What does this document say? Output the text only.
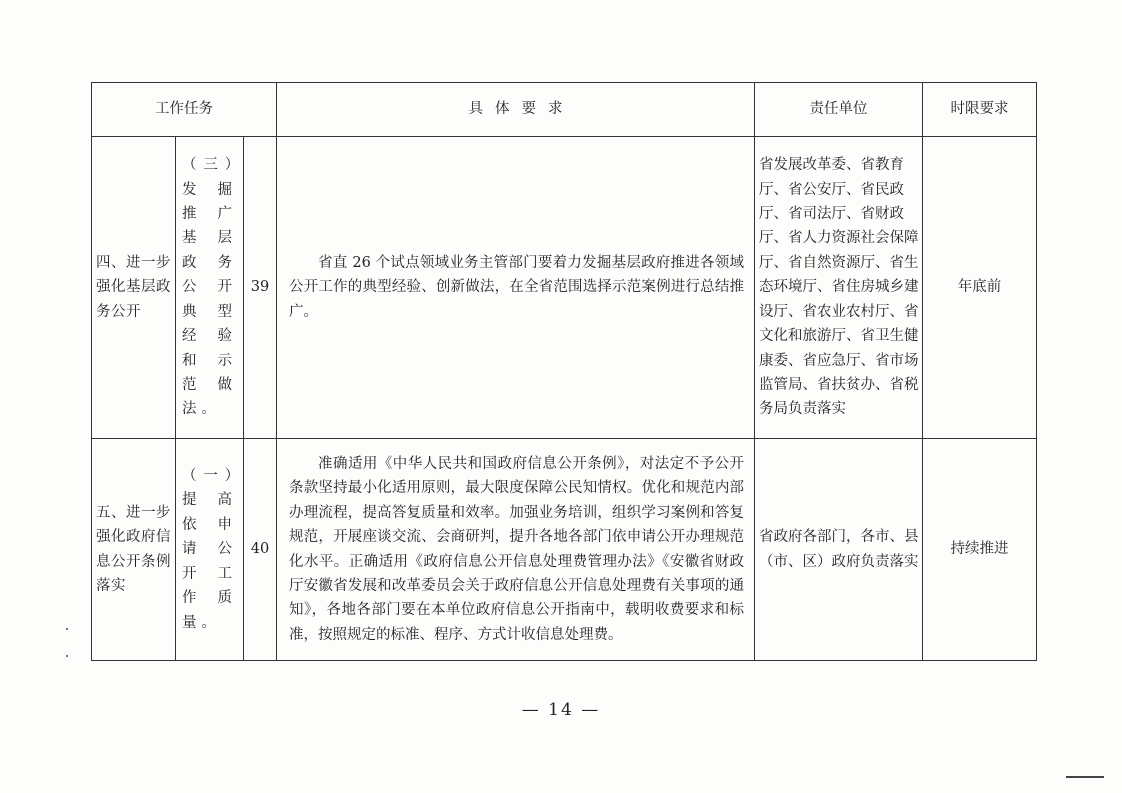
工作任务			具体要求	责任单位	时限要求
四、进一步强化基层政务公开	（三）发掘推广基层政务公开典型经验和示范做法。	39	省直 26 个试点领域业务主管部门要着力发掘基层政府推进各领域公开工作的典型经验、创新做法，在全省范围选择示范案例进行总结推广。	省发展改革委、省教育厅、省公安厅、省民政厅、省司法厅、省财政厅、省人力资源社会保障厅、省自然资源厅、省生态环境厅、省住房城乡建设厅、省农业农村厅、省文化和旅游厅、省卫生健康委、省应急厅、省市场监管局、省扶贫办、省税务局负责落实	年底前
五、进一步强化政府信息公开条例落实	（一）提高依申请公开工作质量。	40	准确适用《中华人民共和国政府信息公开条例》，对法定不予公开条款坚持最小化适用原则，最大限度保障公民知情权。优化和规范内部办理流程，提高答复质量和效率。加强业务培训，组织学习案例和答复规范，开展座谈交流、会商研判，提升各地各部门依申请公开办理规范化水平。正确适用《政府信息公开信息处理费管理办法》《安徽省财政厅安徽省发展和改革委员会关于政府信息公开信息处理费有关事项的通知》，各地各部门要在本单位政府信息公开指南中，载明收费要求和标准，按照规定的标准、程序、方式计收信息处理费。	省政府各部门，各市、县（市、区）政府负责落实	持续推进
— 14 —
